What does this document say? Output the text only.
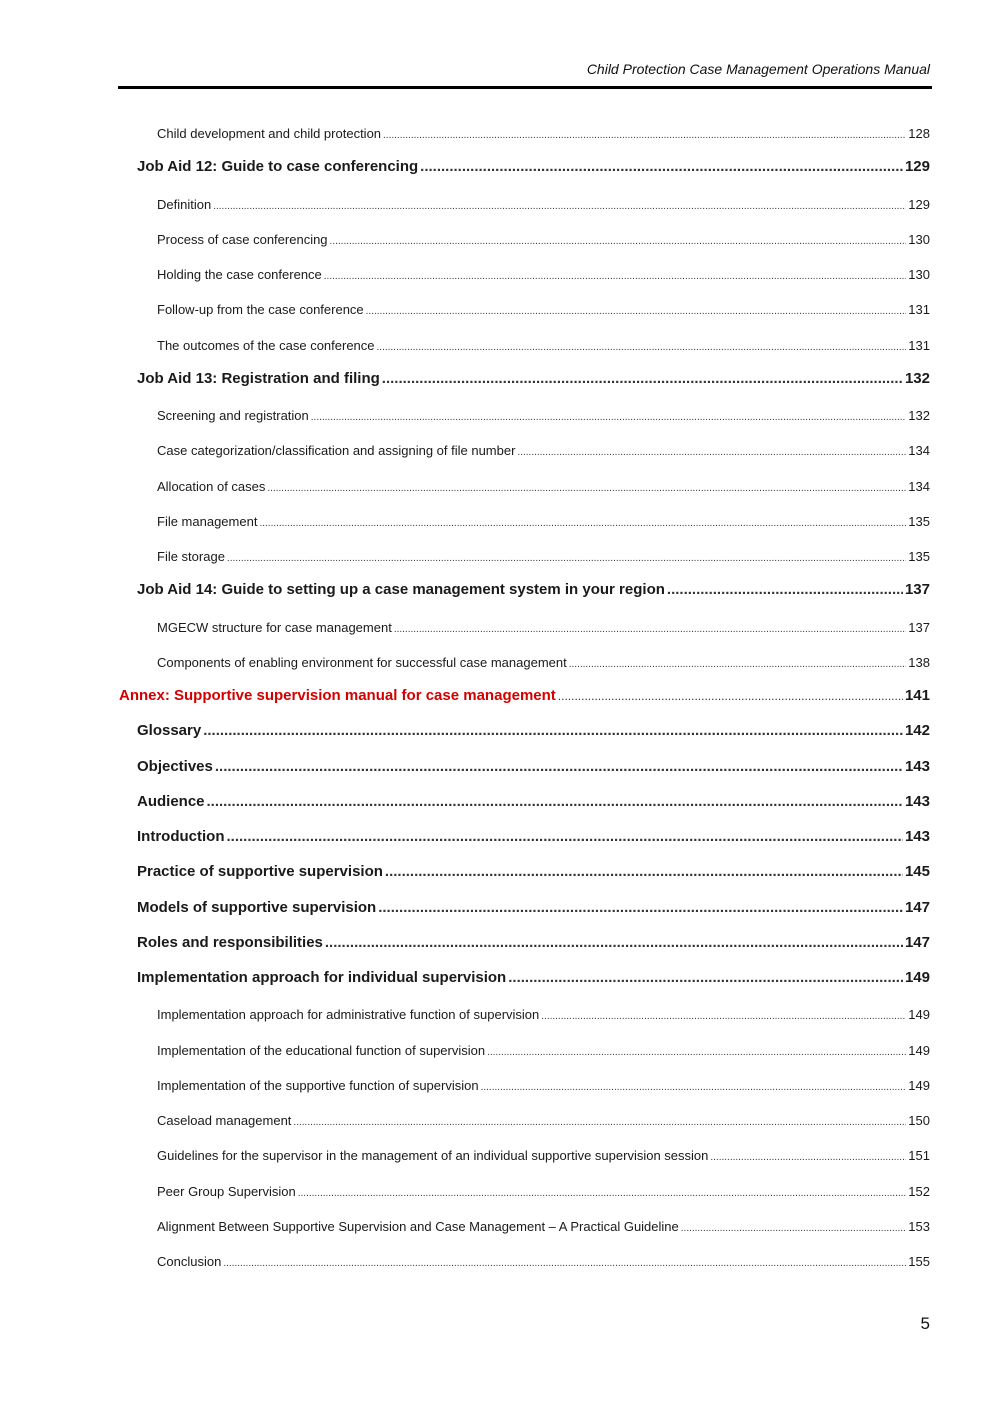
Child Protection Case Management Operations Manual
Child development and child protection .....	128
Job Aid 12: Guide to case conferencing .....	129
Definition .....	129
Process of case conferencing .....	130
Holding the case conference .....	130
Follow-up from the case conference .....	131
The outcomes of the case conference .....	131
Job Aid 13: Registration and filing .....	132
Screening and registration .....	132
Case categorization/classification and assigning of file number .....	134
Allocation of cases .....	134
File management .....	135
File storage .....	135
Job Aid 14: Guide to setting up a case management system in your region .....	137
MGECW structure for case management .....	137
Components of enabling environment for successful case management .....	138
Annex: Supportive supervision manual for case management .....	141
Glossary .....	142
Objectives .....	143
Audience .....	143
Introduction .....	143
Practice of supportive supervision .....	145
Models of supportive supervision .....	147
Roles and responsibilities .....	147
Implementation approach for individual supervision .....	149
Implementation approach for administrative function of supervision .....	149
Implementation of the educational function of supervision .....	149
Implementation of the supportive function of supervision .....	149
Caseload management .....	150
Guidelines for the supervisor in the management of an individual supportive supervision session .....	151
Peer Group Supervision .....	152
Alignment Between Supportive Supervision and Case Management – A Practical Guideline .....	153
Conclusion .....	155
5
